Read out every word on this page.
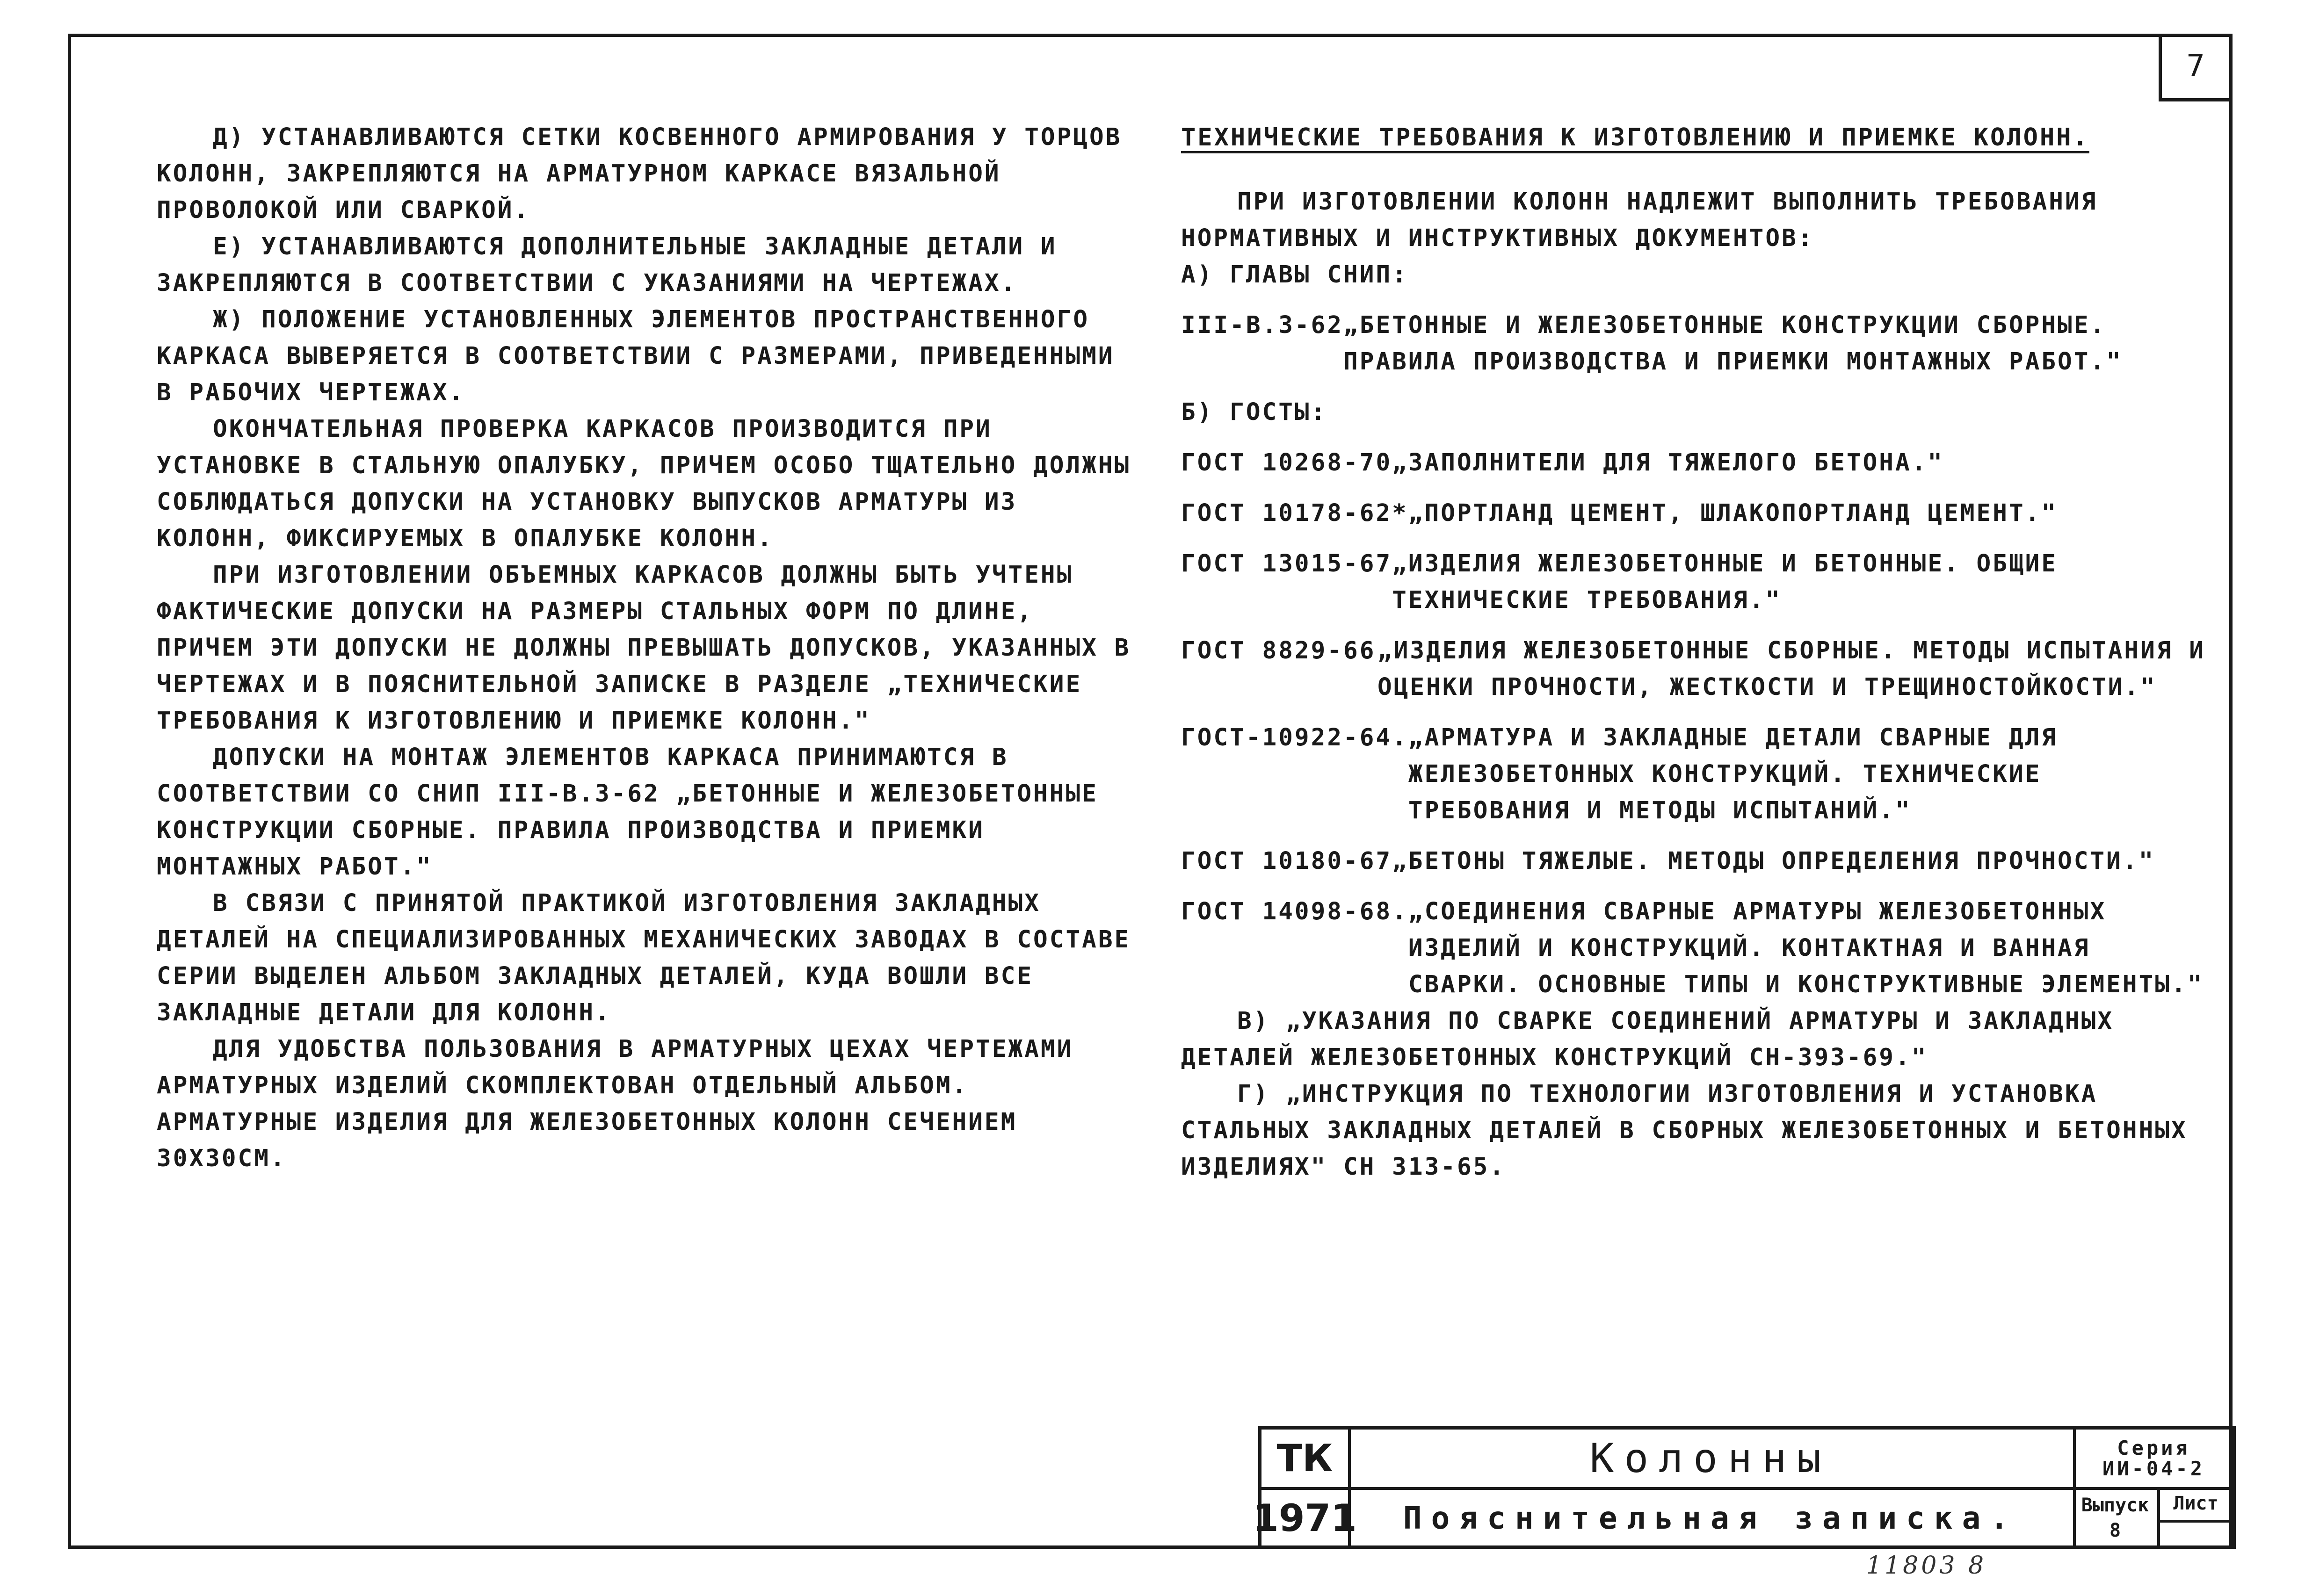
7

Д) УСТАНАВЛИВАЮТСЯ СЕТКИ КОСВЕННОГО АРМИРОВАНИЯ У ТОРЦОВ КОЛОНН, ЗАКРЕПЛЯЮТСЯ НА АРМАТУРНОМ КАРКАСЕ ВЯЗАЛЬНОЙ ПРОВОЛОКОЙ ИЛИ СВАРКОЙ.

Е) УСТАНАВЛИВАЮТСЯ ДОПОЛНИТЕЛЬНЫЕ ЗАКЛАДНЫЕ ДЕТАЛИ И ЗАКРЕПЛЯЮТСЯ В СООТВЕТСТВИИ С УКАЗАНИЯМИ НА ЧЕРТЕЖАХ.

Ж) ПОЛОЖЕНИЕ УСТАНОВЛЕННЫХ ЭЛЕМЕНТОВ ПРОСТРАНСТВЕННОГО КАРКАСА ВЫВЕРЯЕТСЯ В СООТВЕТСТВИИ С РАЗМЕРАМИ, ПРИВЕДЕННЫМИ В РАБОЧИХ ЧЕРТЕЖАХ.

ОКОНЧАТЕЛЬНАЯ ПРОВЕРКА КАРКАСОВ ПРОИЗВОДИТСЯ ПРИ УСТАНОВКЕ В СТАЛЬНУЮ ОПАЛУБКУ, ПРИЧЕМ ОСОБО ТЩАТЕЛЬНО ДОЛЖНЫ СОБЛЮДАТЬСЯ ДОПУСКИ НА УСТАНОВКУ ВЫПУСКОВ АРМАТУРЫ ИЗ КОЛОНН, ФИКСИРУЕМЫХ В ОПАЛУБКЕ КОЛОНН.

ПРИ ИЗГОТОВЛЕНИИ ОБЪЕМНЫХ КАРКАСОВ ДОЛЖНЫ БЫТЬ УЧТЕНЫ ФАКТИЧЕСКИЕ ДОПУСКИ НА РАЗМЕРЫ СТАЛЬНЫХ ФОРМ ПО ДЛИНЕ, ПРИЧЕМ ЭТИ ДОПУСКИ НЕ ДОЛЖНЫ ПРЕВЫШАТЬ ДОПУСКОВ, УКАЗАННЫХ В ЧЕРТЕЖАХ И В ПОЯСНИТЕЛЬНОЙ ЗАПИСКЕ В РАЗДЕЛЕ „ТЕХНИЧЕСКИЕ ТРЕБОВАНИЯ К ИЗГОТОВЛЕНИЮ И ПРИЕМКЕ КОЛОНН."

ДОПУСКИ НА МОНТАЖ ЭЛЕМЕНТОВ КАРКАСА ПРИНИМАЮТСЯ В СООТВЕТСТВИИ СО СНИП III-В.3-62 „БЕТОННЫЕ И ЖЕЛЕЗОБЕТОННЫЕ КОНСТРУКЦИИ СБОРНЫЕ. ПРАВИЛА ПРОИЗВОДСТВА И ПРИЕМКИ МОНТАЖНЫХ РАБОТ."

В СВЯЗИ С ПРИНЯТОЙ ПРАКТИКОЙ ИЗГОТОВЛЕНИЯ ЗАКЛАДНЫХ ДЕТАЛЕЙ НА СПЕЦИАЛИЗИРОВАННЫХ МЕХАНИЧЕСКИХ ЗАВОДАХ В СОСТАВЕ СЕРИИ ВЫДЕЛЕН АЛЬБОМ ЗАКЛАДНЫХ ДЕТАЛЕЙ, КУДА ВОШЛИ ВСЕ ЗАКЛАДНЫЕ ДЕТАЛИ ДЛЯ КОЛОНН.

ДЛЯ УДОБСТВА ПОЛЬЗОВАНИЯ В АРМАТУРНЫХ ЦЕХАХ ЧЕРТЕЖАМИ АРМАТУРНЫХ ИЗДЕЛИЙ СКОМПЛЕКТОВАН ОТДЕЛЬНЫЙ АЛЬБОМ. АРМАТУРНЫЕ ИЗДЕЛИЯ ДЛЯ ЖЕЛЕЗОБЕТОННЫХ КОЛОНН СЕЧЕНИЕМ 30Х30СМ.

ТЕХНИЧЕСКИЕ ТРЕБОВАНИЯ К ИЗГОТОВЛЕНИЮ И ПРИЕМКЕ КОЛОНН.

ПРИ ИЗГОТОВЛЕНИИ КОЛОНН НАДЛЕЖИТ ВЫПОЛНИТЬ ТРЕБОВАНИЯ НОРМАТИВНЫХ И ИНСТРУКТИВНЫХ ДОКУМЕНТОВ:

А) ГЛАВЫ СНИП:

III-В.3-62 „БЕТОННЫЕ И ЖЕЛЕЗОБЕТОННЫЕ КОНСТРУКЦИИ СБОРНЫЕ. ПРАВИЛА ПРОИЗВОДСТВА И ПРИЕМКИ МОНТАЖНЫХ РАБОТ."

Б) ГОСТЫ:

ГОСТ 10268-70 „ЗАПОЛНИТЕЛИ ДЛЯ ТЯЖЕЛОГО БЕТОНА."
ГОСТ 10178-62* „ПОРТЛАНД ЦЕМЕНТ, ШЛАКОПОРТЛАНД ЦЕМЕНТ."
ГОСТ 13015-67 „ИЗДЕЛИЯ ЖЕЛЕЗОБЕТОННЫЕ И БЕТОННЫЕ. ОБЩИЕ ТЕХНИЧЕСКИЕ ТРЕБОВАНИЯ."
ГОСТ 8829-66 „ИЗДЕЛИЯ ЖЕЛЕЗОБЕТОННЫЕ СБОРНЫЕ. МЕТОДЫ ИСПЫТАНИЯ И ОЦЕНКИ ПРОЧНОСТИ, ЖЕСТКОСТИ И ТРЕЩИНОСТОЙКОСТИ."
ГОСТ-10922-64. „АРМАТУРА И ЗАКЛАДНЫЕ ДЕТАЛИ СВАРНЫЕ ДЛЯ ЖЕЛЕЗОБЕТОННЫХ КОНСТРУКЦИЙ. ТЕХНИЧЕСКИЕ ТРЕБОВАНИЯ И МЕТОДЫ ИСПЫТАНИЙ."
ГОСТ 10180-67 „БЕТОНЫ ТЯЖЕЛЫЕ. МЕТОДЫ ОПРЕДЕЛЕНИЯ ПРОЧНОСТИ."
ГОСТ 14098-68. „СОЕДИНЕНИЯ СВАРНЫЕ АРМАТУРЫ ЖЕЛЕЗОБЕТОННЫХ ИЗДЕЛИЙ И КОНСТРУКЦИЙ. КОНТАКТНАЯ И ВАННАЯ СВАРКИ. ОСНОВНЫЕ ТИПЫ И КОНСТРУКТИВНЫЕ ЭЛЕМЕНТЫ."

В) „УКАЗАНИЯ ПО СВАРКЕ СОЕДИНЕНИЙ АРМАТУРЫ И ЗАКЛАДНЫХ ДЕТАЛЕЙ ЖЕЛЕЗОБЕТОННЫХ КОНСТРУКЦИЙ СН-393-69."

Г) „ИНСТРУКЦИЯ ПО ТЕХНОЛОГИИ ИЗГОТОВЛЕНИЯ И УСТАНОВКА СТАЛЬНЫХ ЗАКЛАДНЫХ ДЕТАЛЕЙ В СБОРНЫХ ЖЕЛЕЗОБЕТОННЫХ И БЕТОННЫХ ИЗДЕЛИЯХ" СН 313-65.

ТК
1971
Колонны
Пояснительная записка.
Серия
ИИ-04-2
Выпуск
8
Лист
11803 8
